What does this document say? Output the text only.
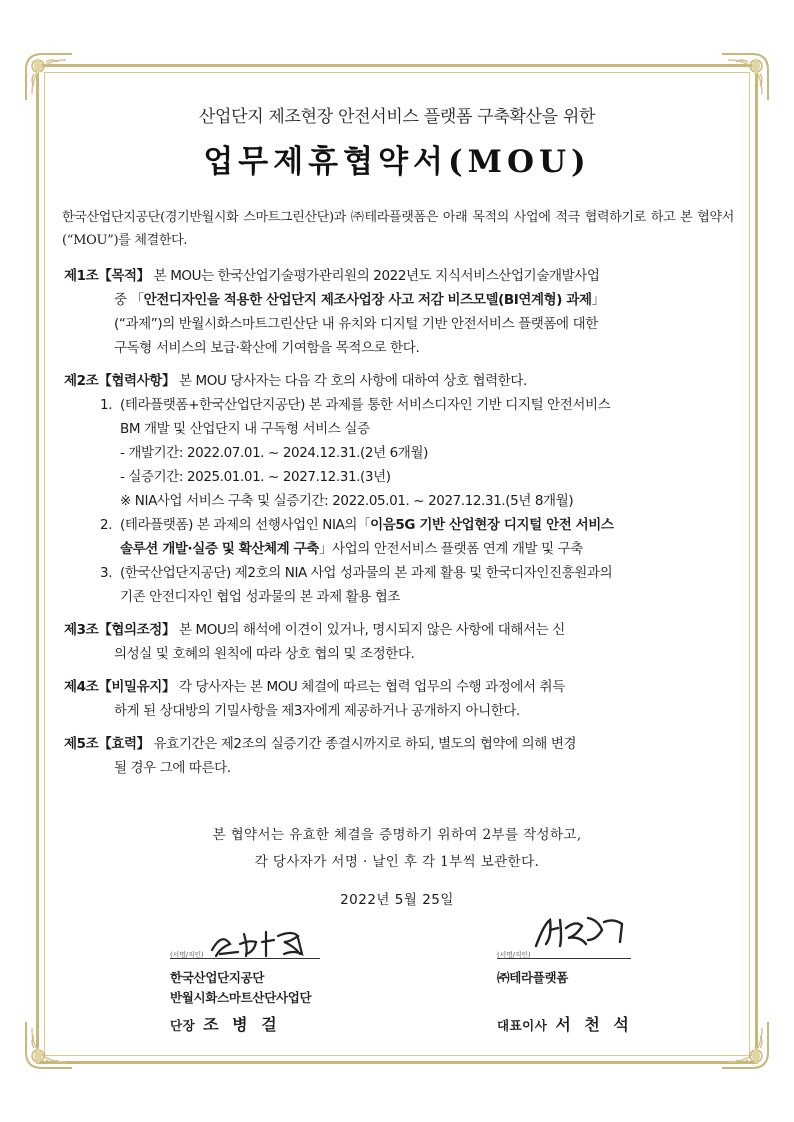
산업단지 제조현장 안전서비스 플랫폼 구축확산을 위한
업무제휴협약서(MOU)
한국산업단지공단(경기반월시화 스마트그린산단)과 ㈜테라플랫폼은 아래 목적의 사업에 적극 협력하기로 하고 본 협약서(“MOU”)를 체결한다.
제1조【목적】 본 MOU는 한국산업기술평가관리원의 2022년도 지식서비스산업기술개발사업
중 「안전디자인을 적용한 산업단지 제조사업장 사고 저감 비즈모델(BI연계형) 과제」
(“과제”)의 반월시화스마트그린산단 내 유치와 디지털 기반 안전서비스 플랫폼에 대한
구독형 서비스의 보급·확산에 기여함을 목적으로 한다.
제2조【협력사항】 본 MOU 당사자는 다음 각 호의 사항에 대하여 상호 협력한다.
1. (테라플랫폼+한국산업단지공단) 본 과제를 통한 서비스디자인 기반 디지털 안전서비스
BM 개발 및 산업단지 내 구독형 서비스 실증
- 개발기간: 2022.07.01. ~ 2024.12.31.(2년 6개월)
- 실증기간: 2025.01.01. ~ 2027.12.31.(3년)
※ NIA사업 서비스 구축 및 실증기간: 2022.05.01. ~ 2027.12.31.(5년 8개월)
2. (테라플랫폼) 본 과제의 선행사업인 NIA의「이음5G 기반 산업현장 디지털 안전 서비스
솔루션 개발·실증 및 확산체계 구축」사업의 안전서비스 플랫폼 연계 개발 및 구축
3. (한국산업단지공단) 제2호의 NIA 사업 성과물의 본 과제 활용 및 한국디자인진흥원과의
기존 안전디자인 협업 성과물의 본 과제 활용 협조
제3조【협의조정】 본 MOU의 해석에 이견이 있거나, 명시되지 않은 사항에 대해서는 신
의성실 및 호혜의 원칙에 따라 상호 협의 및 조정한다.
제4조【비밀유지】 각 당사자는 본 MOU 체결에 따르는 협력 업무의 수행 과정에서 취득
하게 된 상대방의 기밀사항을 제3자에게 제공하거나 공개하지 아니한다.
제5조【효력】 유효기간은 제2조의 실증기간 종결시까지로 하되, 별도의 협약에 의해 변경
될 경우 그에 따른다.
본 협약서는 유효한 체결을 증명하기 위하여 2부를 작성하고,
각 당사자가 서명 · 날인 후 각 1부씩 보관한다.
2022년 5월 25일
(서명/직인)
한국산업단지공단
반월시화스마트산단사업단
단장 조 병 걸
(서명/직인)
㈜테라플랫폼
대표이사 서 천 석
